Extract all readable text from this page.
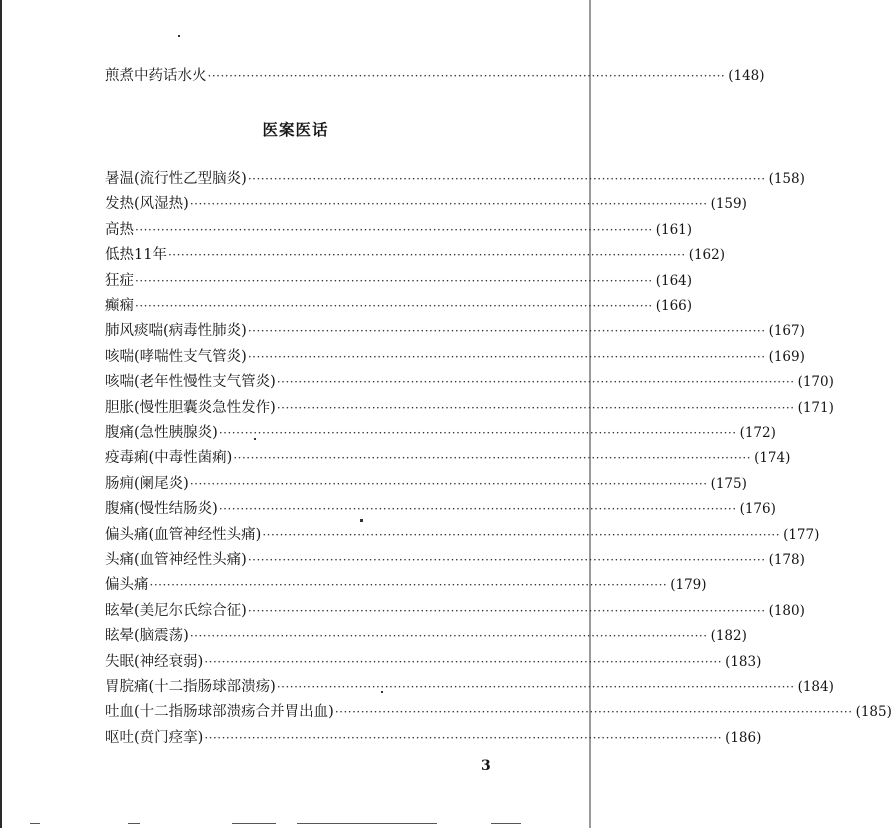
煎煮中药话水火 ························································································································ (148)
医案医话
暑温(流行性乙型脑炎) ························································································································ (158)
发热(风湿热) ························································································································ (159)
高热 ························································································································ (161)
低热11年 ························································································································ (162)
狂症 ························································································································ (164)
癫痫 ························································································································ (166)
肺风痰喘(病毒性肺炎) ························································································································ (167)
咳喘(哮喘性支气管炎) ························································································································ (169)
咳喘(老年性慢性支气管炎) ························································································································ (170)
胆胀(慢性胆囊炎急性发作) ························································································································ (171)
腹痛(急性胰腺炎) ························································································································ (172)
疫毒痢(中毒性菌痢) ························································································································ (174)
肠痈(阑尾炎) ························································································································ (175)
腹痛(慢性结肠炎) ························································································································ (176)
偏头痛(血管神经性头痛) ························································································································ (177)
头痛(血管神经性头痛) ························································································································ (178)
偏头痛 ························································································································ (179)
眩晕(美尼尔氏综合征) ························································································································ (180)
眩晕(脑震荡) ························································································································ (182)
失眠(神经衰弱) ························································································································ (183)
胃脘痛(十二指肠球部溃疡) ························································································································ (184)
吐血(十二指肠球部溃疡合并胃出血) ························································································································ (185)
呕吐(贲门痉挛) ························································································································ (186)
3
